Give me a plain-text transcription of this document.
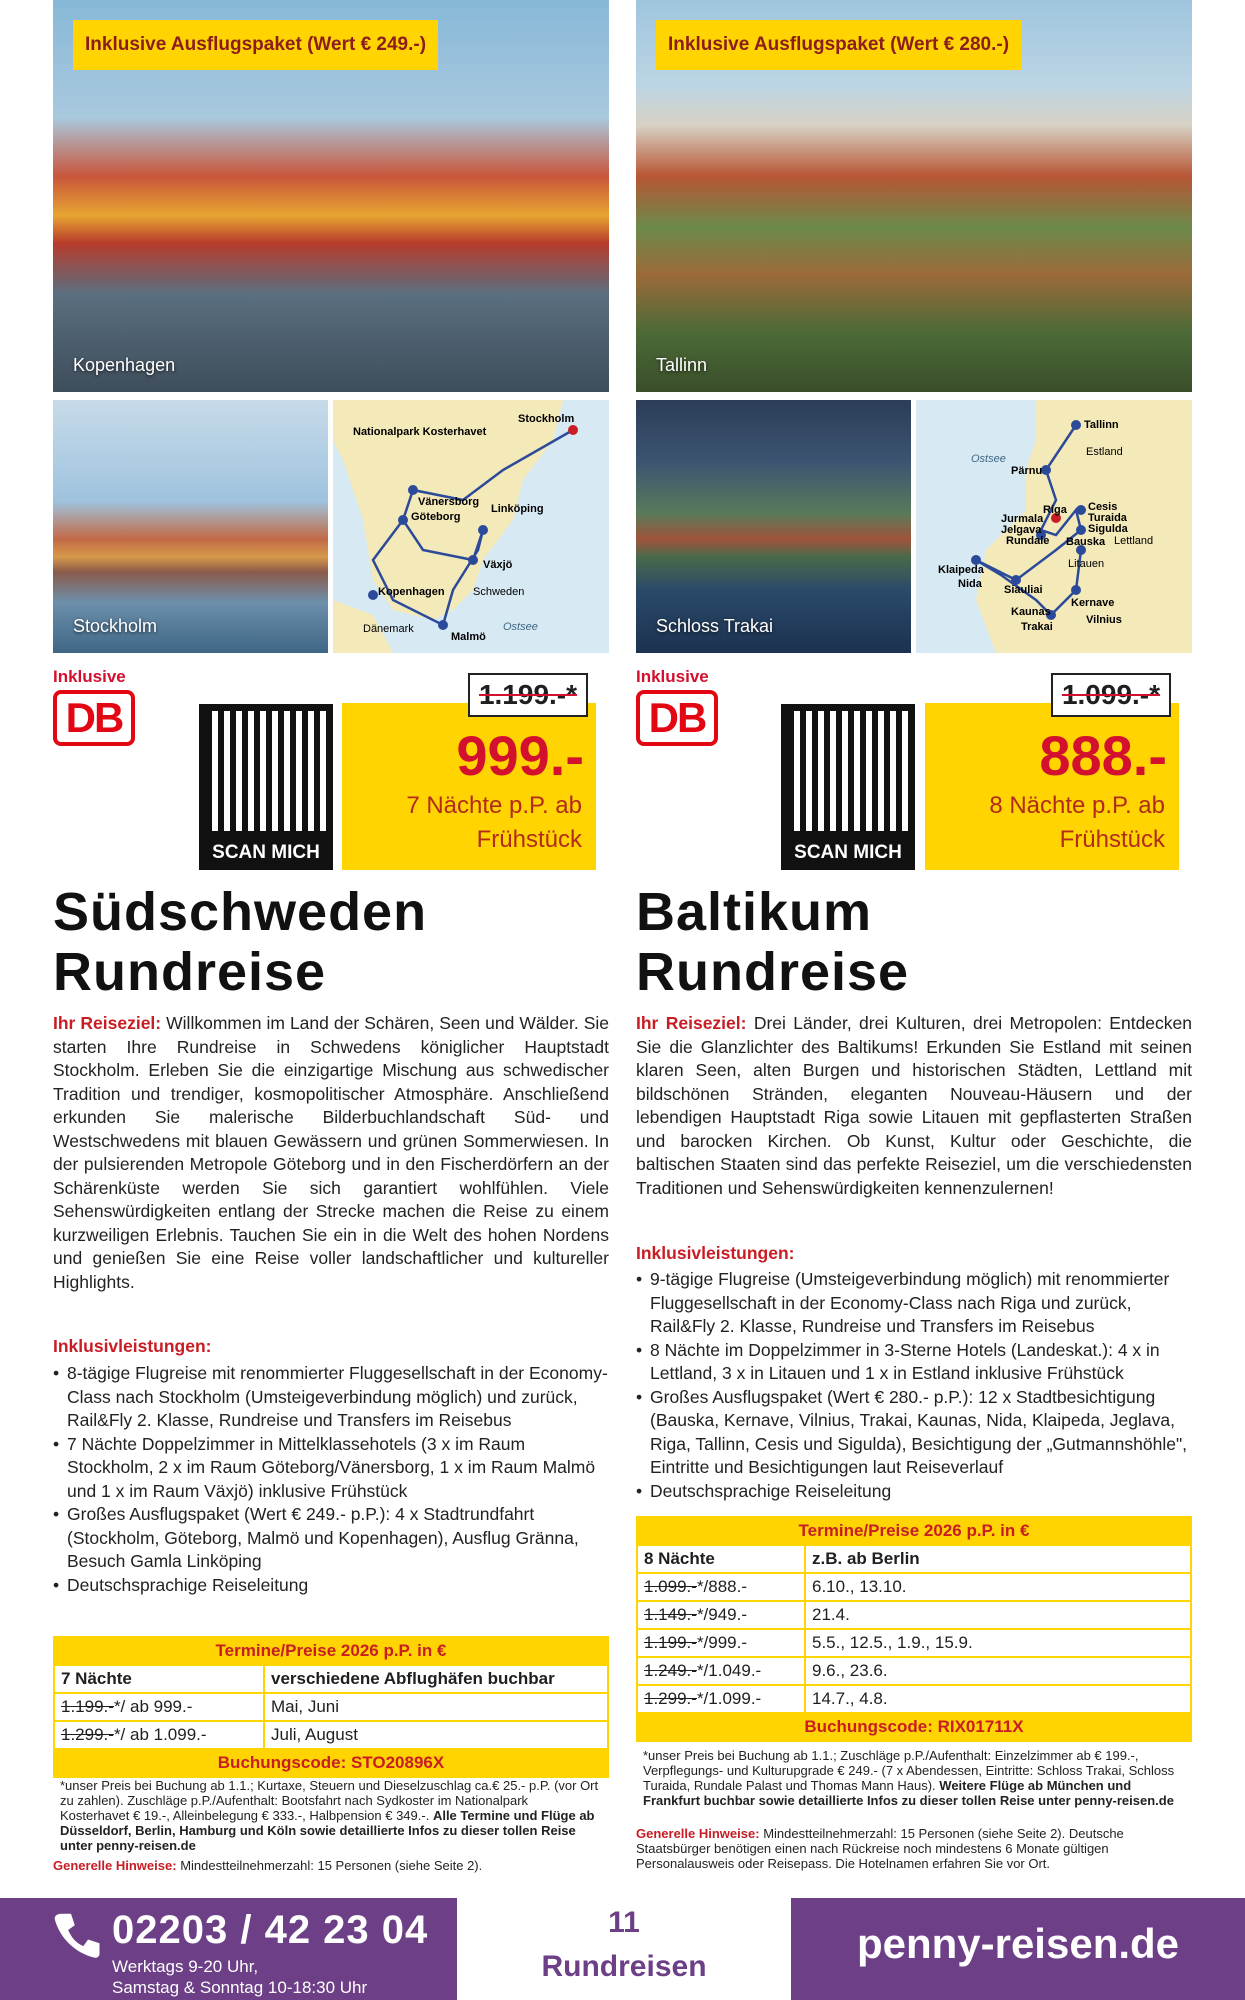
Inklusive Ausflugspaket (Wert € 249.-)
Kopenhagen
Stockholm
Nationalpark Kosterhavet
Stockholm
Vänersborg
Göteborg
Linköping
Växjö
Schweden
Kopenhagen
Dänemark
Malmö
Ostsee
Inklusive
DB
SCAN MICH
1.199.-*
999.-
7 Nächte p.P. ab
Frühstück
Südschweden
Rundreise
Ihr Reiseziel: Willkommen im Land der Schären, Seen und Wälder. Sie starten Ihre Rundreise in Schwedens königlicher Hauptstadt Stockholm. Erleben Sie die einzigartige Mischung aus schwedischer Tradition und trendiger, kosmopolitischer Atmosphäre. Anschließend erkunden Sie malerische Bilderbuchlandschaft Süd- und Westschwedens mit blauen Gewässern und grünen Sommerwiesen. In der pulsierenden Metropole Göteborg und in den Fischerdörfern an der Schärenküste werden Sie sich garantiert wohlfühlen. Viele Sehenswürdigkeiten entlang der Strecke machen die Reise zu einem kurzweiligen Erlebnis. Tauchen Sie ein in die Welt des hohen Nordens und genießen Sie eine Reise voller landschaftlicher und kultureller Highlights.
Inklusivleistungen:
• 8-tägige Flugreise mit renommierter Fluggesellschaft in der Economy-Class nach Stockholm (Umsteigeverbindung möglich) und zurück, Rail&Fly 2. Klasse, Rundreise und Transfers im Reisebus
• 7 Nächte Doppelzimmer in Mittelklassehotels (3 x im Raum Stockholm, 2 x im Raum Göteborg/Vänersborg, 1 x im Raum Malmö und 1 x im Raum Växjö) inklusive Frühstück
• Großes Ausflugspaket (Wert € 249.- p.P.): 4 x Stadtrundfahrt (Stockholm, Göteborg, Malmö und Kopenhagen), Ausflug Gränna, Besuch Gamla Linköping
• Deutschsprachige Reiseleitung
Termine/Preise 2026 p.P. in €	
7 Nächte	verschiedene Abflughäfen buchbar
1.199.-*/ ab 999.-	Mai, Juni
1.299.-*/ ab 1.099.-	Juli, August
Buchungscode: STO20896X	
*unser Preis bei Buchung ab 1.1.; Kurtaxe, Steuern und Dieselzuschlag ca.€ 25.- p.P. (vor Ort zu zahlen). Zuschläge p.P./Aufenthalt: Bootsfahrt nach Sydkoster im Nationalpark Kosterhavet € 19.-, Alleinbelegung € 333.-, Halbpension € 349.-. Alle Termine und Flüge ab Düsseldorf, Berlin, Hamburg und Köln sowie detaillierte Infos zu dieser tollen Reise unter penny-reisen.de
Generelle Hinweise: Mindestteilnehmerzahl: 15 Personen (siehe Seite 2).
Inklusive Ausflugspaket (Wert € 280.-)
Tallinn
Schloss Trakai
Tallinn
Ostsee
Estland
Pärnu
Riga Cesis
Turaida
Jurmala
Sigulda
Jelgava
Rundale Bauska Lettland
Litauen
Klaipeda
Nida Siauliai
Kernave
Kaunas
Trakai
Vilnius
Inklusive
DB
SCAN MICH
1.099.-*
888.-
8 Nächte p.P. ab
Frühstück
Baltikum
Rundreise
Ihr Reiseziel: Drei Länder, drei Kulturen, drei Metropolen: Entdecken Sie die Glanzlichter des Baltikums! Erkunden Sie Estland mit seinen klaren Seen, alten Burgen und historischen Städten, Lettland mit bildschönen Stränden, eleganten Nouveau-Häusern und der lebendigen Hauptstadt Riga sowie Litauen mit gepflasterten Straßen und barocken Kirchen. Ob Kunst, Kultur oder Geschichte, die baltischen Staaten sind das perfekte Reiseziel, um die verschiedensten Traditionen und Sehenswürdigkeiten kennenzulernen!
Inklusivleistungen:
• 9-tägige Flugreise (Umsteigeverbindung möglich) mit renommierter Fluggesellschaft in der Economy-Class nach Riga und zurück, Rail&Fly 2. Klasse, Rundreise und Transfers im Reisebus
• 8 Nächte im Doppelzimmer in 3-Sterne Hotels (Landeskat.): 4 x in Lettland, 3 x in Litauen und 1 x in Estland inklusive Frühstück
• Großes Ausflugspaket (Wert € 280.- p.P.): 12 x Stadtbesichtigung (Bauska, Kernave, Vilnius, Trakai, Kaunas, Nida, Klaipeda, Jeglava, Riga, Tallinn, Cesis und Sigulda), Besichtigung der „Gutmannshöhle", Eintritte und Besichtigungen laut Reiseverlauf
• Deutschsprachige Reiseleitung
Termine/Preise 2026 p.P. in €	
8 Nächte	z.B. ab Berlin
1.099.-*/888.-	6.10., 13.10.
1.149.-*/949.-	21.4.
1.199.-*/999.-	5.5., 12.5., 1.9., 15.9.
1.249.-*/1.049.-	9.6., 23.6.
1.299.-*/1.099.-	14.7., 4.8.
Buchungscode: RIX01711X	
*unser Preis bei Buchung ab 1.1.; Zuschläge p.P./Aufenthalt: Einzelzimmer ab € 199.-, Verpflegungs- und Kulturupgrade € 249.- (7 x Abendessen, Eintritte: Schloss Trakai, Schloss Turaida, Rundale Palast und Thomas Mann Haus). Weitere Flüge ab München und Frankfurt buchbar sowie detaillierte Infos zu dieser tollen Reise unter penny-reisen.de
Generelle Hinweise: Mindestteilnehmerzahl: 15 Personen (siehe Seite 2). Deutsche Staatsbürger benötigen einen nach Rückreise noch mindestens 6 Monate gültigen Personalausweis oder Reisepass. Die Hotelnamen erfahren Sie vor Ort.
02203 / 42 23 04
Werktags 9-20 Uhr,
Samstag & Sonntag 10-18:30 Uhr
11
Rundreisen	penny-reisen.de
